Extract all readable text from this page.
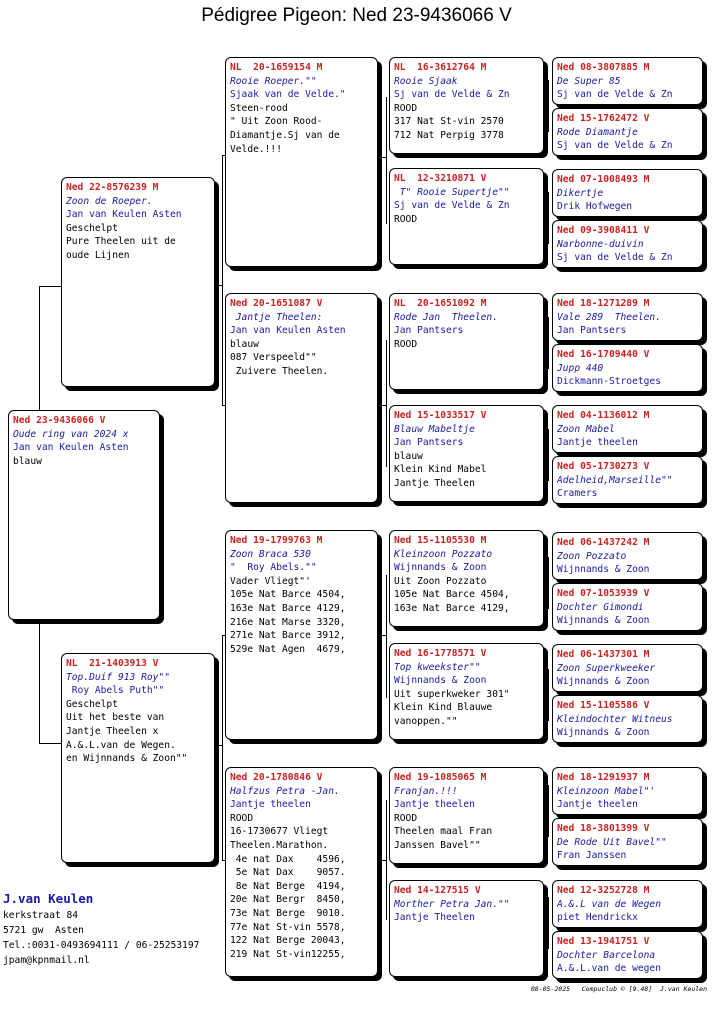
Pédigree Pigeon: Ned 23-9436066 V
Ned 23-9436066 V
Oude ring van 2024 x
Jan van Keulen Asten
blauw
Ned 22-8576239 M
Zoon de Roeper.
Jan van Keulen Asten
Geschelpt
Pure Theelen uit de
oude Lijnen
NL  21-1403913 V
Top.Duif 913 Roy""
Roy Abels Puth""
Geschelpt
Uit het beste van
Jantje Theelen x
A.&.L.van de Wegen.
en Wijnnands & Zoon""
NL  20-1659154 M
Rooie Roeper.""
Sjaak van de Velde."
Steen-rood
" Uit Zoon Rood-
Diamantje.Sj van de
Velde.!!!
Ned 20-1651087 V
Jantje Theelen:
Jan van Keulen Asten
blauw
087 Verspeeld""
Zuivere Theelen.
Ned 19-1799763 M
Zoon Braca 530
"  Roy Abels.""
Vader Vliegt"'
105e Nat Barce 4504,
163e Nat Barce 4129,
216e Nat Marse 3320,
271e Nat Barce 3912,
529e Nat Agen  4679,
Ned 20-1780846 V
Halfzus Petra -Jan.
Jantje theelen
ROOD
16-1730677 Vliegt
Theelen.Marathon.
4e nat Dax    4596,
5e Nat Dax    9057.
8e Nat Berge  4194,
20e Nat Bergr  8450,
73e Nat Berge  9010.
77e Nat St-vin 5578,
122 Nat Berge 20043,
219 Nat St-vin12255,
NL  16-3612764 M
Rooie Sjaak
Sj van de Velde & Zn
ROOD
317 Nat St-vin 2570
712 Nat Perpig 3778
NL  12-3210871 V
T" Rooie Supertje""
Sj van de Velde & Zn
ROOD
NL  20-1651092 M
Rode Jan  Theelen.
Jan Pantsers
ROOD
Ned 15-1033517 V
Blauw Mabeltje
Jan Pantsers
blauw
Klein Kind Mabel
Jantje Theelen
Ned 15-1105530 M
Kleinzoon Pozzato
Wijnnands & Zoon
Uit Zoon Pozzato
105e Nat Barce 4504,
163e Nat Barce 4129,
Ned 16-1778571 V
Top kweekster""
Wijnnands & Zoon
Uit superkweker 301"
Klein Kind Blauwe
vanoppen.""
Ned 19-1085065 M
Franjan.!!!
Jantje theelen
ROOD
Theelen maal Fran
Janssen Bavel""
Ned 14-127515 V
Morther Petra Jan.""
Jantje Theelen
Ned 08-3807885 M
De Super 85
Sj van de Velde & Zn
Ned 15-1762472 V
Rode Diamantje
Sj van de Velde & Zn
Ned 07-1008493 M
Dikertje
Drik Hofwegen
Ned 09-3908411 V
Narbonne-duivin
Sj van de Velde & Zn
Ned 18-1271289 M
Vale 289  Theelen.
Jan Pantsers
Ned 16-1709440 V
Jupp 440
Dickmann-Stroetges
Ned 04-1136012 M
Zoon Mabel
Jantje theelen
Ned 05-1730273 V
Adelheid,Marseille""
Cramers
Ned 06-1437242 M
Zoon Pozzato
Wijnnands & Zoon
Ned 07-1053939 V
Dochter Gimondi
Wijnnands & Zoon
Ned 06-1437301 M
Zoon Superkweeker
Wijnnands & Zoon
Ned 15-1105586 V
Kleindochter Witneus
Wijnnands & Zoon
Ned 18-1291937 M
Kleinzoon Mabel"'
Jantje theelen
Ned 18-3801399 V
De Rode Uit Bavel""
Fran Janssen
Ned 12-3252728 M
A.&.L van de Wegen
piet Hendrickx
Ned 13-1941751 V
Dochter Barcelona
A.&.L.van de wegen
J.van Keulen
kerkstraat 84
5721 gw  Asten
Tel.:0031-0493694111 / 06-25253197
jpam@kpnmail.nl
08-05-2025   Compuclub © [9.48]  J.van Keulen
